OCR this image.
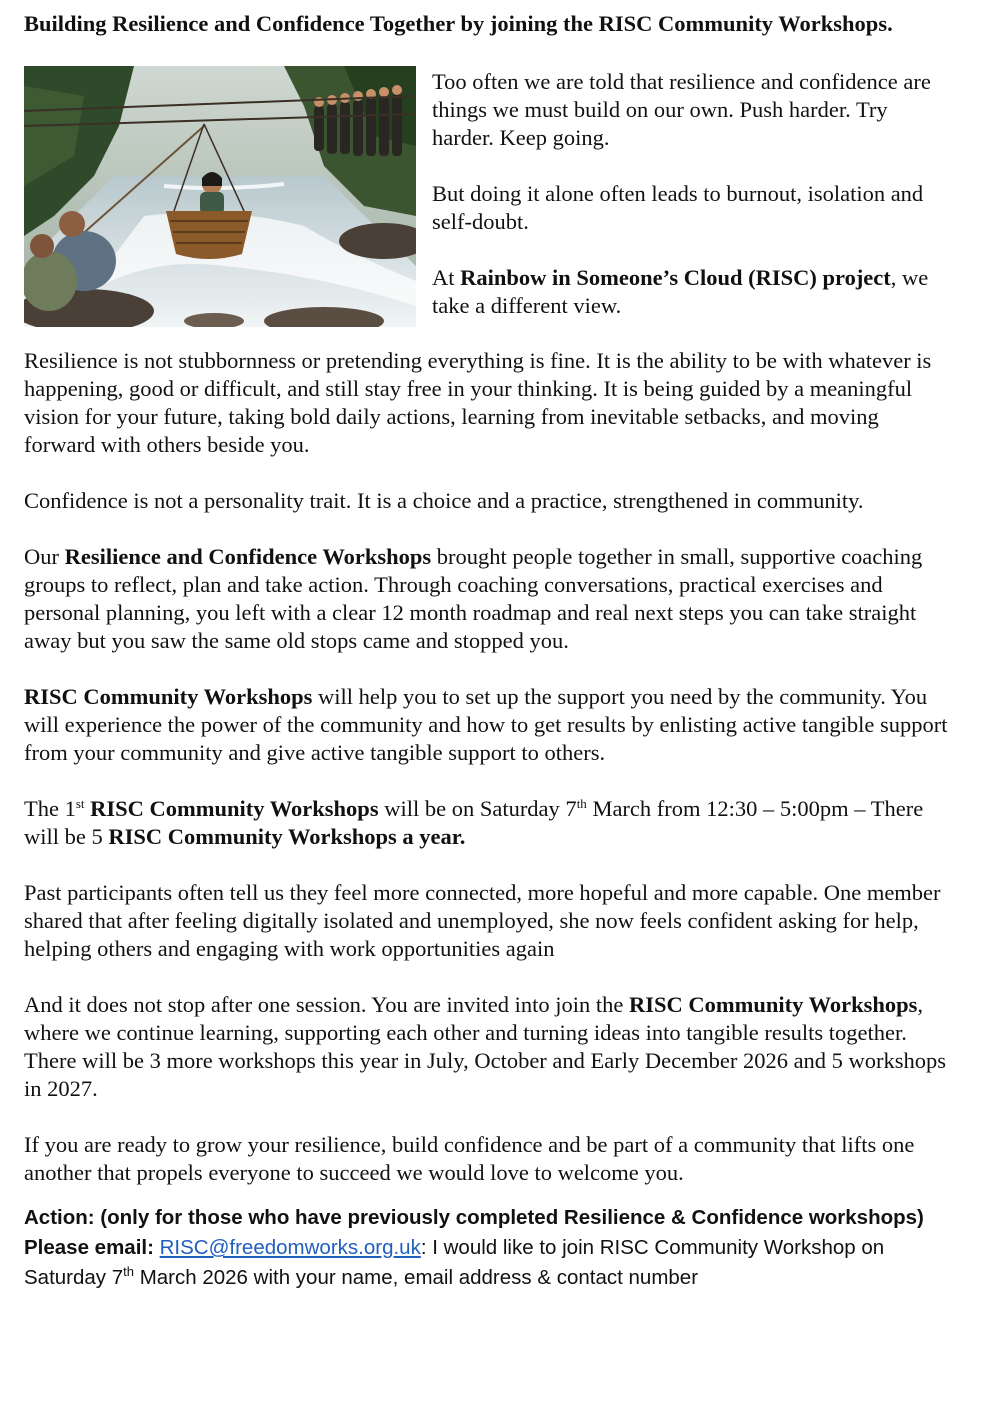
Building Resilience and Confidence Together by joining the RISC Community Workshops.

Too often we are told that resilience and confidence are things we must build on our own. Push harder. Try harder. Keep going.

But doing it alone often leads to burnout, isolation and self-doubt.

At Rainbow in Someone’s Cloud (RISC) project, we take a different view.

Resilience is not stubbornness or pretending everything is fine. It is the ability to be with whatever is happening, good or difficult, and still stay free in your thinking. It is being guided by a meaningful vision for your future, taking bold daily actions, learning from inevitable setbacks, and moving forward with others beside you.

Confidence is not a personality trait. It is a choice and a practice, strengthened in community.

Our Resilience and Confidence Workshops brought people together in small, supportive coaching groups to reflect, plan and take action. Through coaching conversations, practical exercises and personal planning, you left with a clear 12 month roadmap and real next steps you can take straight away but you saw the same old stops came and stopped you.

RISC Community Workshops will help you to set up the support you need by the community. You will experience the power of the community and how to get results by enlisting active tangible support from your community and give active tangible support to others.

The 1st RISC Community Workshops will be on Saturday 7th March from 12:30 – 5:00pm – There will be 5 RISC Community Workshops a year.

Past participants often tell us they feel more connected, more hopeful and more capable. One member shared that after feeling digitally isolated and unemployed, she now feels confident asking for help, helping others and engaging with work opportunities again

And it does not stop after one session. You are invited into join the RISC Community Workshops, where we continue learning, supporting each other and turning ideas into tangible results together. There will be 3 more workshops this year in July, October and Early December 2026 and 5 workshops in 2027.

If you are ready to grow your resilience, build confidence and be part of a community that lifts one another that propels everyone to succeed we would love to welcome you.

Action: (only for those who have previously completed Resilience & Confidence workshops)
Please email: RISC@freedomworks.org.uk: I would like to join RISC Community Workshop on Saturday 7th March 2026 with your name, email address & contact number
